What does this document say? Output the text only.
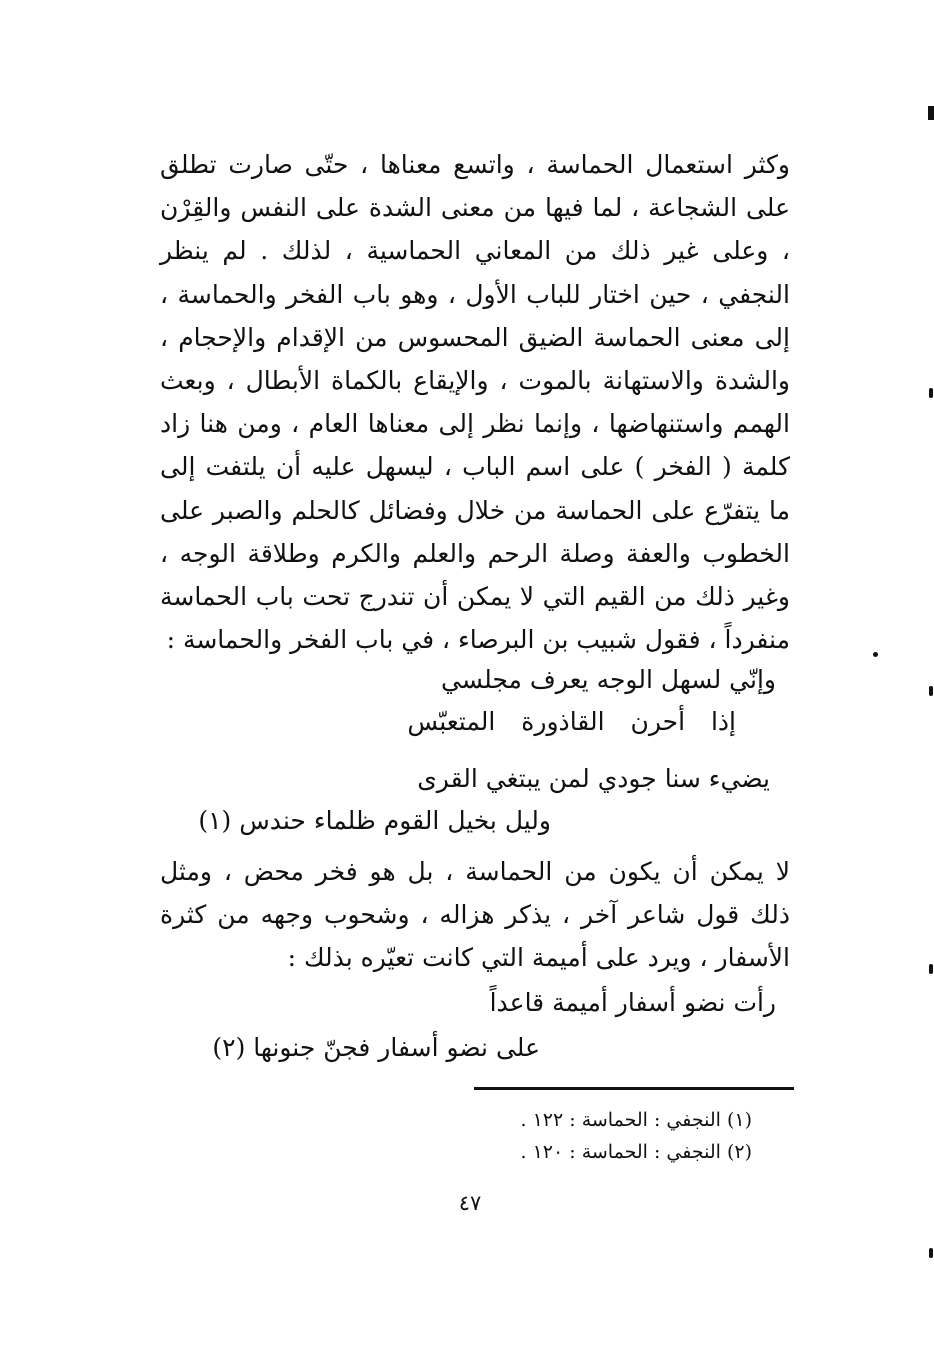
وكثر استعمال الحماسة ، واتسع معناها ، حتّى صارت تطلق على الشجاعة ، لما فيها من معنى الشدة على النفس والقِرْن ، وعلى غير ذلك من المعاني الحماسية ، لذلك . لم ينظر النجفي ، حين اختار للباب الأول ، وهو باب الفخر والحماسة ، إلى معنى الحماسة الضيق المحسوس من الإقدام والإحجام ، والشدة والاستهانة بالموت ، والإيقاع بالكماة الأبطال ، وبعث الهمم واستنهاضها ، وإنما نظر إلى معناها العام ، ومن هنا زاد كلمة ( الفخر ) على اسم الباب ، ليسهل عليه أن يلتفت إلى ما يتفرّع على الحماسة من خلال وفضائل كالحلم والصبر على الخطوب والعفة وصلة الرحم والعلم والكرم وطلاقة الوجه ، وغير ذلك من القيم التي لا يمكن أن تندرج تحت باب الحماسة منفرداً ، فقول شبيب بن البرصاء ، في باب الفخر والحماسة :

وإنّي لسهل الوجه يعرف مجلسي

إذا أحرن القاذورة المتعبّس

يضيء سنا جودي لمن يبتغي القرى

وليل بخيل القوم ظلماء حندس (١)

لا يمكن أن يكون من الحماسة ، بل هو فخر محض ، ومثل ذلك قول شاعر آخر ، يذكر هزاله ، وشحوب وجهه من كثرة الأسفار ، ويرد على أميمة التي كانت تعيّره بذلك :

رأت نضو أسفار أميمة قاعداً

على نضو أسفار فجنّ جنونها (٢)

(١) النجفي : الحماسة : ١٢٢ .

(٢) النجفي : الحماسة : ١٢٠ .

٤٧
